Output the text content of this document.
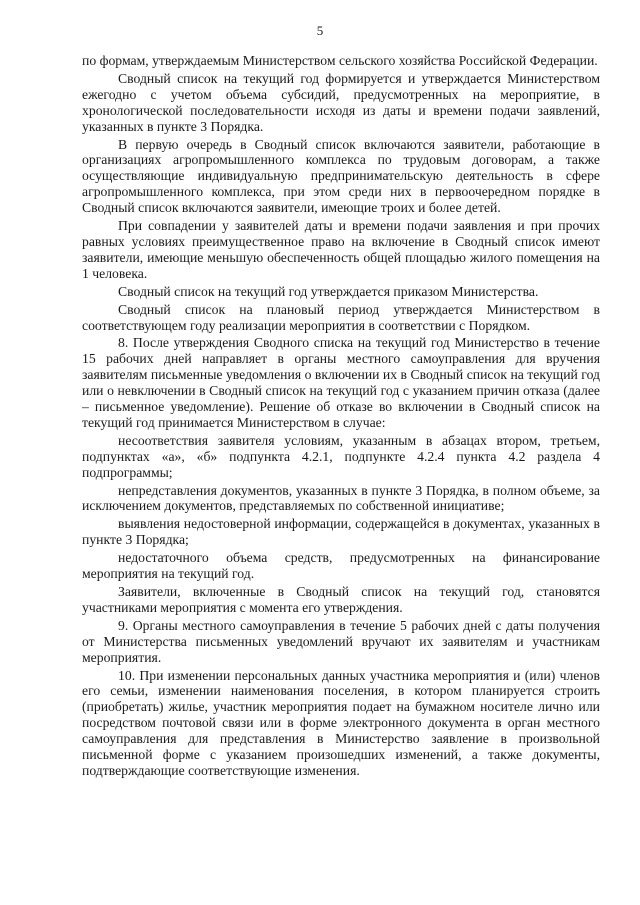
5

по формам, утверждаемым Министерством сельского хозяйства Российской Федерации.

Сводный список на текущий год формируется и утверждается Министерством ежегодно с учетом объема субсидий, предусмотренных на мероприятие, в хронологической последовательности исходя из даты и времени подачи заявлений, указанных в пункте 3 Порядка.

В первую очередь в Сводный список включаются заявители, работающие в организациях агропромышленного комплекса по трудовым договорам, а также осуществляющие индивидуальную предпринимательскую деятельность в сфере агропромышленного комплекса, при этом среди них в первоочередном порядке в Сводный список включаются заявители, имеющие троих и более детей.

При совпадении у заявителей даты и времени подачи заявления и при прочих равных условиях преимущественное право на включение в Сводный список имеют заявители, имеющие меньшую обеспеченность общей площадью жилого помещения на 1 человека.

Сводный список на текущий год утверждается приказом Министерства.

Сводный список на плановый период утверждается Министерством в соответствующем году реализации мероприятия в соответствии с Порядком.

8. После утверждения Сводного списка на текущий год Министерство в течение 15 рабочих дней направляет в органы местного самоуправления для вручения заявителям письменные уведомления о включении их в Сводный список на текущий год или о невключении в Сводный список на текущий год с указанием причин отказа (далее – письменное уведомление). Решение об отказе во включении в Сводный список на текущий год принимается Министерством в случае:

несоответствия заявителя условиям, указанным в абзацах втором, третьем, подпунктах «а», «б» подпункта 4.2.1, подпункте 4.2.4 пункта 4.2 раздела 4 подпрограммы;

непредставления документов, указанных в пункте 3 Порядка, в полном объеме, за исключением документов, представляемых по собственной инициативе;

выявления недостоверной информации, содержащейся в документах, указанных в пункте 3 Порядка;

недостаточного объема средств, предусмотренных на финансирование мероприятия на текущий год.

Заявители, включенные в Сводный список на текущий год, становятся участниками мероприятия с момента его утверждения.

9. Органы местного самоуправления в течение 5 рабочих дней с даты получения от Министерства письменных уведомлений вручают их заявителям и участникам мероприятия.

10. При изменении персональных данных участника мероприятия и (или) членов его семьи, изменении наименования поселения, в котором планируется строить (приобретать) жилье, участник мероприятия подает на бумажном носителе лично или посредством почтовой связи или в форме электронного документа в орган местного самоуправления для представления в Министерство заявление в произвольной письменной форме с указанием произошедших изменений, а также документы, подтверждающие соответствующие изменения.
